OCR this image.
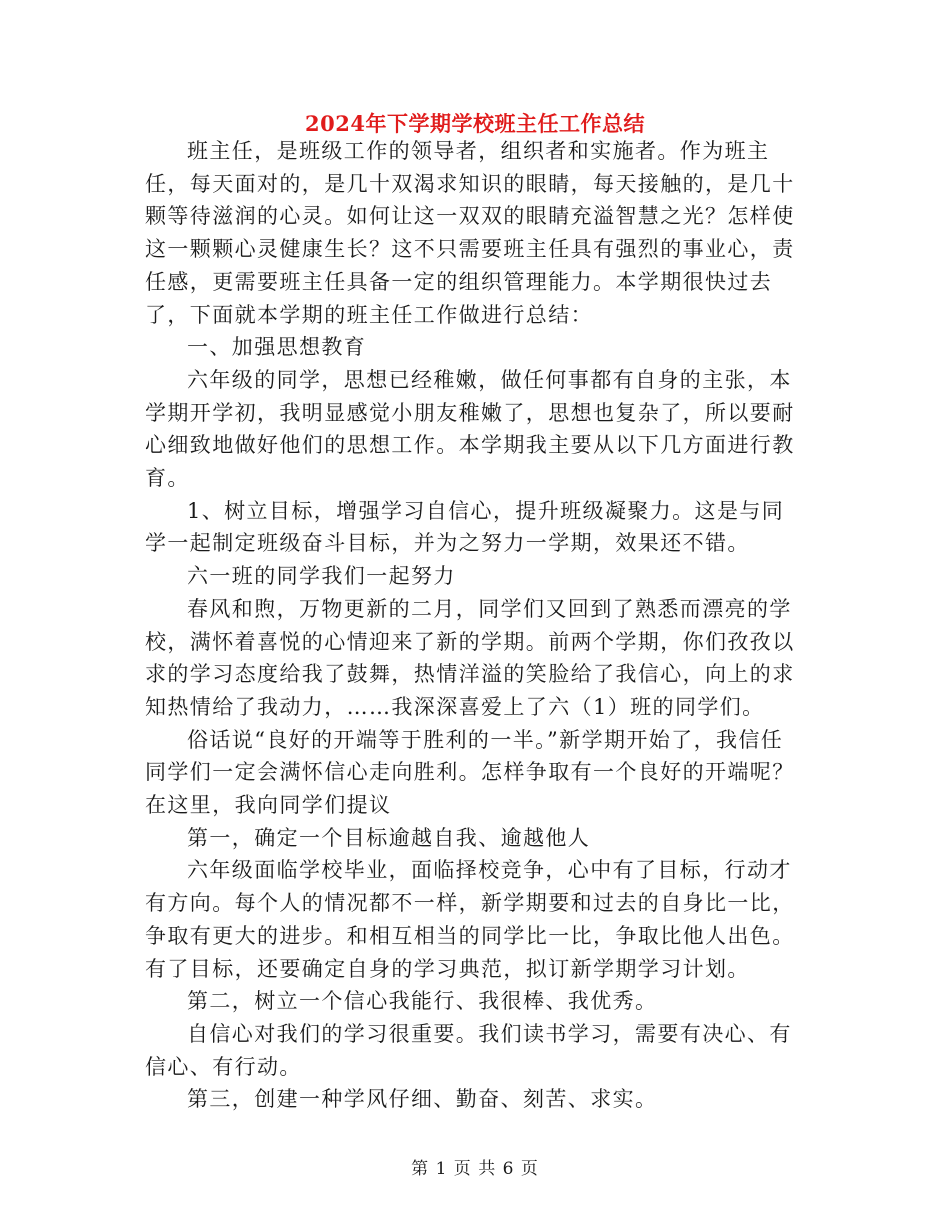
2024年下学期学校班主任工作总结

班主任，是班级工作的领导者，组织者和实施者。作为班主任，每天面对的，是几十双渴求知识的眼睛，每天接触的，是几十颗等待滋润的心灵。如何让这一双双的眼睛充溢智慧之光？怎样使这一颗颗心灵健康生长？这不只需要班主任具有强烈的事业心，责任感，更需要班主任具备一定的组织管理能力。本学期很快过去了，下面就本学期的班主任工作做进行总结：

一、加强思想教育

六年级的同学，思想已经稚嫩，做任何事都有自身的主张，本学期开学初，我明显感觉小朋友稚嫩了，思想也复杂了，所以要耐心细致地做好他们的思想工作。本学期我主要从以下几方面进行教育。

1、树立目标，增强学习自信心，提升班级凝聚力。这是与同学一起制定班级奋斗目标，并为之努力一学期，效果还不错。

六一班的同学我们一起努力

春风和煦，万物更新的二月，同学们又回到了熟悉而漂亮的学校，满怀着喜悦的心情迎来了新的学期。前两个学期，你们孜孜以求的学习态度给我了鼓舞，热情洋溢的笑脸给了我信心，向上的求知热情给了我动力，……我深深喜爱上了六（1）班的同学们。

俗话说“良好的开端等于胜利的一半。”新学期开始了，我信任同学们一定会满怀信心走向胜利。怎样争取有一个良好的开端呢？在这里，我向同学们提议

第一，确定一个目标逾越自我、逾越他人

六年级面临学校毕业，面临择校竞争，心中有了目标，行动才有方向。每个人的情况都不一样，新学期要和过去的自身比一比，争取有更大的进步。和相互相当的同学比一比，争取比他人出色。有了目标，还要确定自身的学习典范，拟订新学期学习计划。

第二，树立一个信心我能行、我很棒、我优秀。

自信心对我们的学习很重要。我们读书学习，需要有决心、有信心、有行动。

第三，创建一种学风仔细、勤奋、刻苦、求实。

第 1 页 共 6 页
